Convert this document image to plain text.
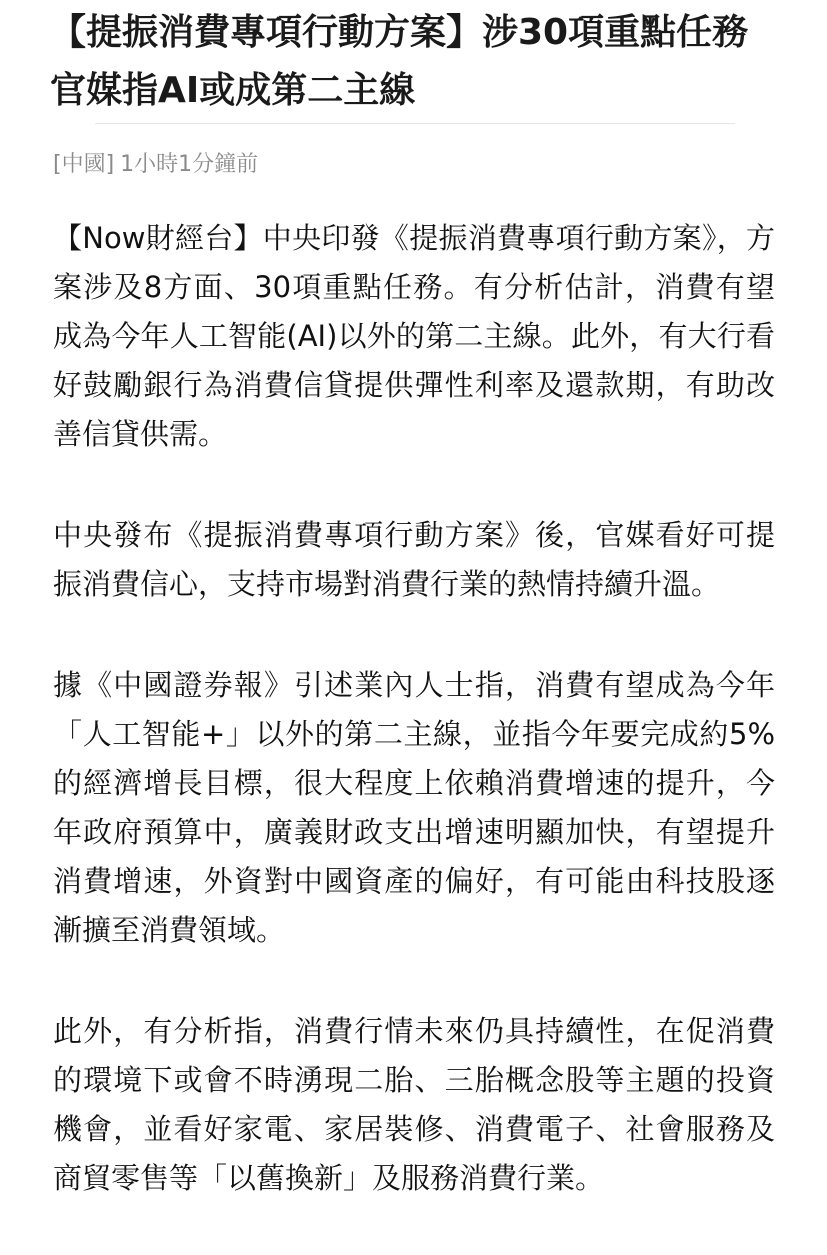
【提振消費專項行動方案】涉30項重點任務 官媒指AI或成第二主線
[中國] 1小時1分鐘前

【Now財經台】中央印發《提振消費專項行動方案》，方案涉及8方面、30項重點任務。有分析估計，消費有望成為今年人工智能(AI)以外的第二主線。此外，有大行看好鼓勵銀行為消費信貸提供彈性利率及還款期，有助改善信貸供需。

中央發布《提振消費專項行動方案》後，官媒看好可提振消費信心，支持市場對消費行業的熱情持續升溫。

據《中國證券報》引述業內人士指，消費有望成為今年「人工智能+」以外的第二主線，並指今年要完成約5%的經濟增長目標，很大程度上依賴消費增速的提升，今年政府預算中，廣義財政支出增速明顯加快，有望提升消費增速，外資對中國資產的偏好，有可能由科技股逐漸擴至消費領域。

此外，有分析指，消費行情未來仍具持續性，在促消費的環境下或會不時湧現二胎、三胎概念股等主題的投資機會，並看好家電、家居裝修、消費電子、社會服務及商貿零售等「以舊換新」及服務消費行業。
